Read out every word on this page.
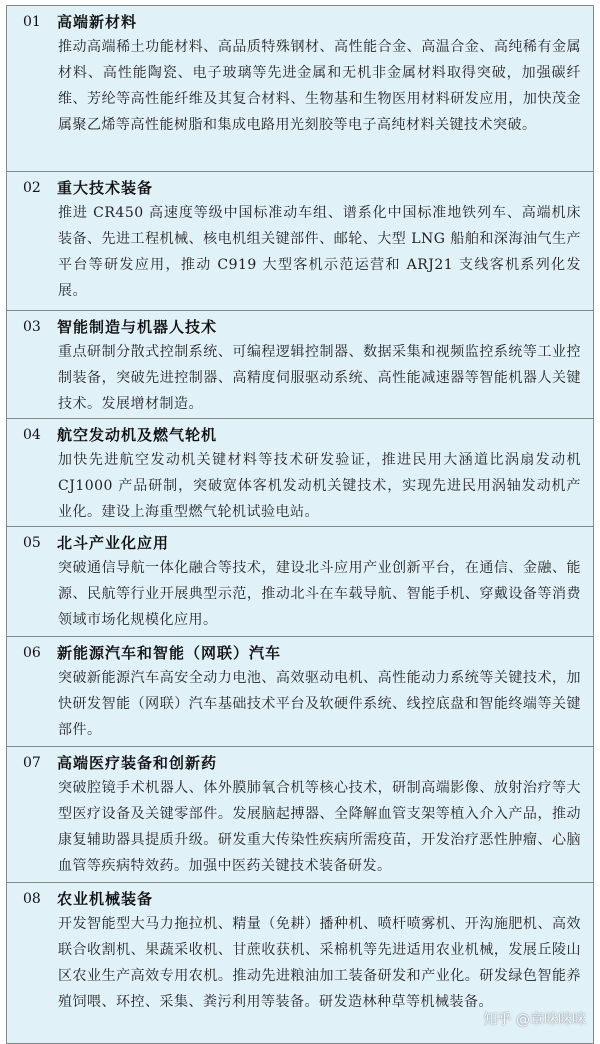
01	高端新材料
推动高端稀土功能材料、高品质特殊钢材、高性能合金、高温合金、高纯稀有金属材料、高性能陶瓷、电子玻璃等先进金属和无机非金属材料取得突破，加强碳纤维、芳纶等高性能纤维及其复合材料、生物基和生物医用材料研发应用，加快茂金属聚乙烯等高性能树脂和集成电路用光刻胶等电子高纯材料关键技术突破。
02	重大技术装备
推进 CR450 高速度等级中国标准动车组、谱系化中国标准地铁列车、高端机床装备、先进工程机械、核电机组关键部件、邮轮、大型 LNG 船舶和深海油气生产平台等研发应用，推动 C919 大型客机示范运营和 ARJ21 支线客机系列化发展。
03	智能制造与机器人技术
重点研制分散式控制系统、可编程逻辑控制器、数据采集和视频监控系统等工业控制装备，突破先进控制器、高精度伺服驱动系统、高性能减速器等智能机器人关键技术。发展增材制造。
04	航空发动机及燃气轮机
加快先进航空发动机关键材料等技术研发验证，推进民用大涵道比涡扇发动机 CJ1000 产品研制，突破宽体客机发动机关键技术，实现先进民用涡轴发动机产业化。建设上海重型燃气轮机试验电站。
05	北斗产业化应用
突破通信导航一体化融合等技术，建设北斗应用产业创新平台，在通信、金融、能源、民航等行业开展典型示范，推动北斗在车载导航、智能手机、穿戴设备等消费领域市场化规模化应用。
06	新能源汽车和智能（网联）汽车
突破新能源汽车高安全动力电池、高效驱动电机、高性能动力系统等关键技术，加快研发智能（网联）汽车基础技术平台及软硬件系统、线控底盘和智能终端等关键部件。
07	高端医疗装备和创新药
突破腔镜手术机器人、体外膜肺氧合机等核心技术，研制高端影像、放射治疗等大型医疗设备及关键零部件。发展脑起搏器、全降解血管支架等植入介入产品，推动康复辅助器具提质升级。研发重大传染性疾病所需疫苗，开发治疗恶性肿瘤、心脑血管等疾病特效药。加强中医药关键技术装备研发。
08	农业机械装备
开发智能型大马力拖拉机、精量（免耕）播种机、喷杆喷雾机、开沟施肥机、高效联合收割机、果蔬采收机、甘蔗收获机、采棉机等先进适用农业机械，发展丘陵山区农业生产高效专用农机。推动先进粮油加工装备研发和产业化。研发绿色智能养殖饲喂、环控、采集、粪污利用等装备。研发造林种草等机械装备。
知乎 @章咪咪咪
